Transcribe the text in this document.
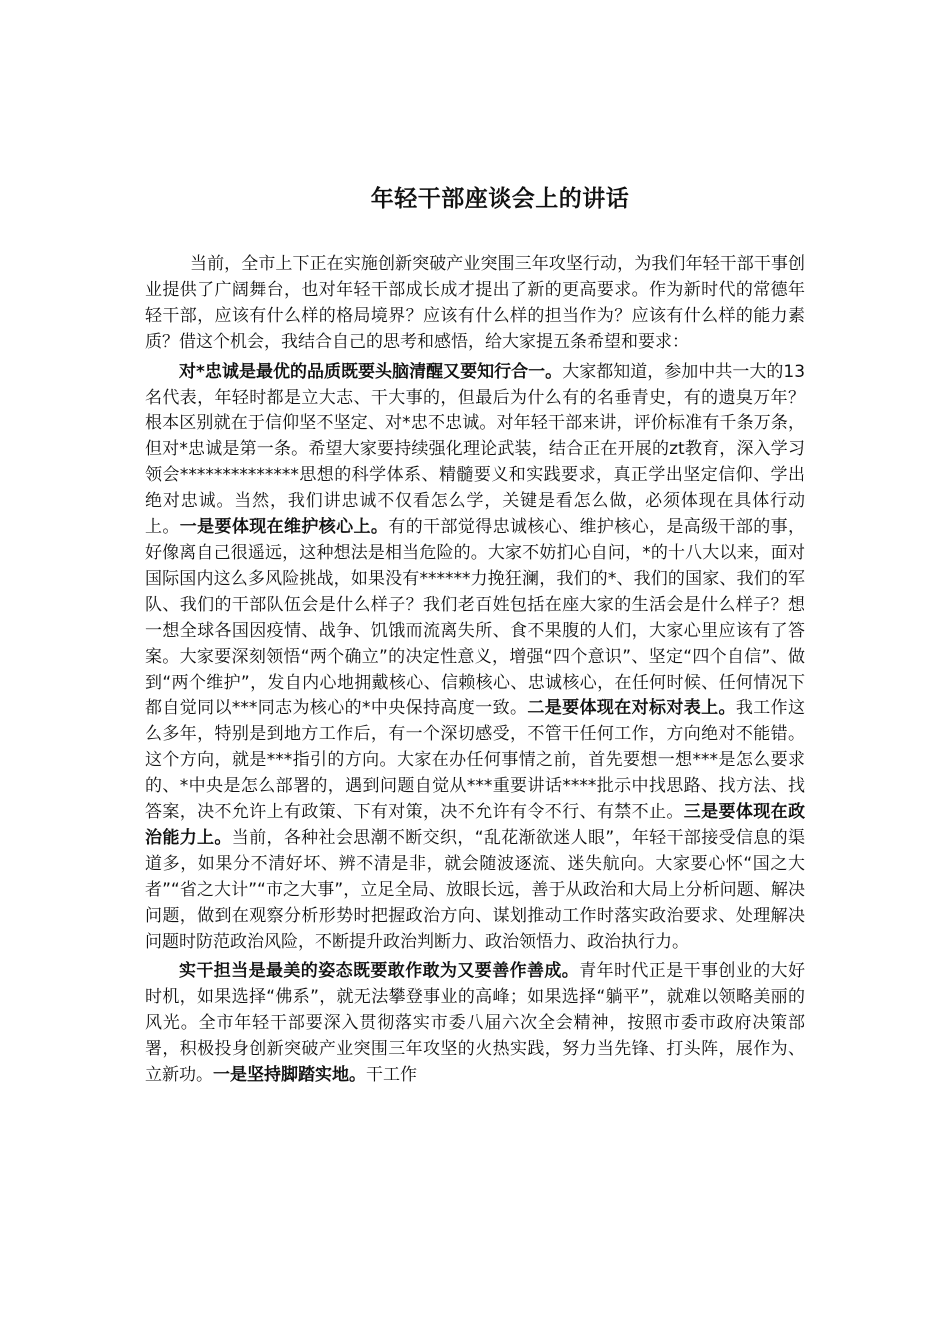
年轻干部座谈会上的讲话

当前，全市上下正在实施创新突破产业突围三年攻坚行动，为我们年轻干部干事创业提供了广阔舞台，也对年轻干部成长成才提出了新的更高要求。作为新时代的常德年轻干部，应该有什么样的格局境界？应该有什么样的担当作为？应该有什么样的能力素质？借这个机会，我结合自己的思考和感悟，给大家提五条希望和要求：

对*忠诚是最优的品质既要头脑清醒又要知行合一。大家都知道，参加中共一大的13名代表，年轻时都是立大志、干大事的，但最后为什么有的名垂青史，有的遗臭万年？根本区别就在于信仰坚不坚定、对*忠不忠诚。对年轻干部来讲，评价标准有千条万条，但对*忠诚是第一条。希望大家要持续强化理论武装，结合正在开展的zt教育，深入学习领会**************思想的科学体系、精髓要义和实践要求，真正学出坚定信仰、学出绝对忠诚。当然，我们讲忠诚不仅看怎么学，关键是看怎么做，必须体现在具体行动上。一是要体现在维护核心上。有的干部觉得忠诚核心、维护核心，是高级干部的事，好像离自己很遥远，这种想法是相当危险的。大家不妨扪心自问，*的十八大以来，面对国际国内这么多风险挑战，如果没有******力挽狂澜，我们的*、我们的国家、我们的军队、我们的干部队伍会是什么样子？我们老百姓包括在座大家的生活会是什么样子？想一想全球各国因疫情、战争、饥饿而流离失所、食不果腹的人们，大家心里应该有了答案。大家要深刻领悟“两个确立”的决定性意义，增强“四个意识”、坚定“四个自信”、做到“两个维护”，发自内心地拥戴核心、信赖核心、忠诚核心，在任何时候、任何情况下都自觉同以***同志为核心的*中央保持高度一致。二是要体现在对标对表上。我工作这么多年，特别是到地方工作后，有一个深切感受，不管干任何工作，方向绝对不能错。这个方向，就是***指引的方向。大家在办任何事情之前，首先要想一想***是怎么要求的、*中央是怎么部署的，遇到问题自觉从***重要讲话****批示中找思路、找方法、找答案，决不允许上有政策、下有对策，决不允许有令不行、有禁不止。三是要体现在政治能力上。当前，各种社会思潮不断交织，“乱花渐欲迷人眼”，年轻干部接受信息的渠道多，如果分不清好坏、辨不清是非，就会随波逐流、迷失航向。大家要心怀“国之大者”“省之大计”“市之大事”，立足全局、放眼长远，善于从政治和大局上分析问题、解决问题，做到在观察分析形势时把握政治方向、谋划推动工作时落实政治要求、处理解决问题时防范政治风险，不断提升政治判断力、政治领悟力、政治执行力。

实干担当是最美的姿态既要敢作敢为又要善作善成。青年时代正是干事创业的大好时机，如果选择“佛系”，就无法攀登事业的高峰；如果选择“躺平”，就难以领略美丽的风光。全市年轻干部要深入贯彻落实市委八届六次全会精神，按照市委市政府决策部署，积极投身创新突破产业突围三年攻坚的火热实践，努力当先锋、打头阵，展作为、立新功。一是坚持脚踏实地。干工作
